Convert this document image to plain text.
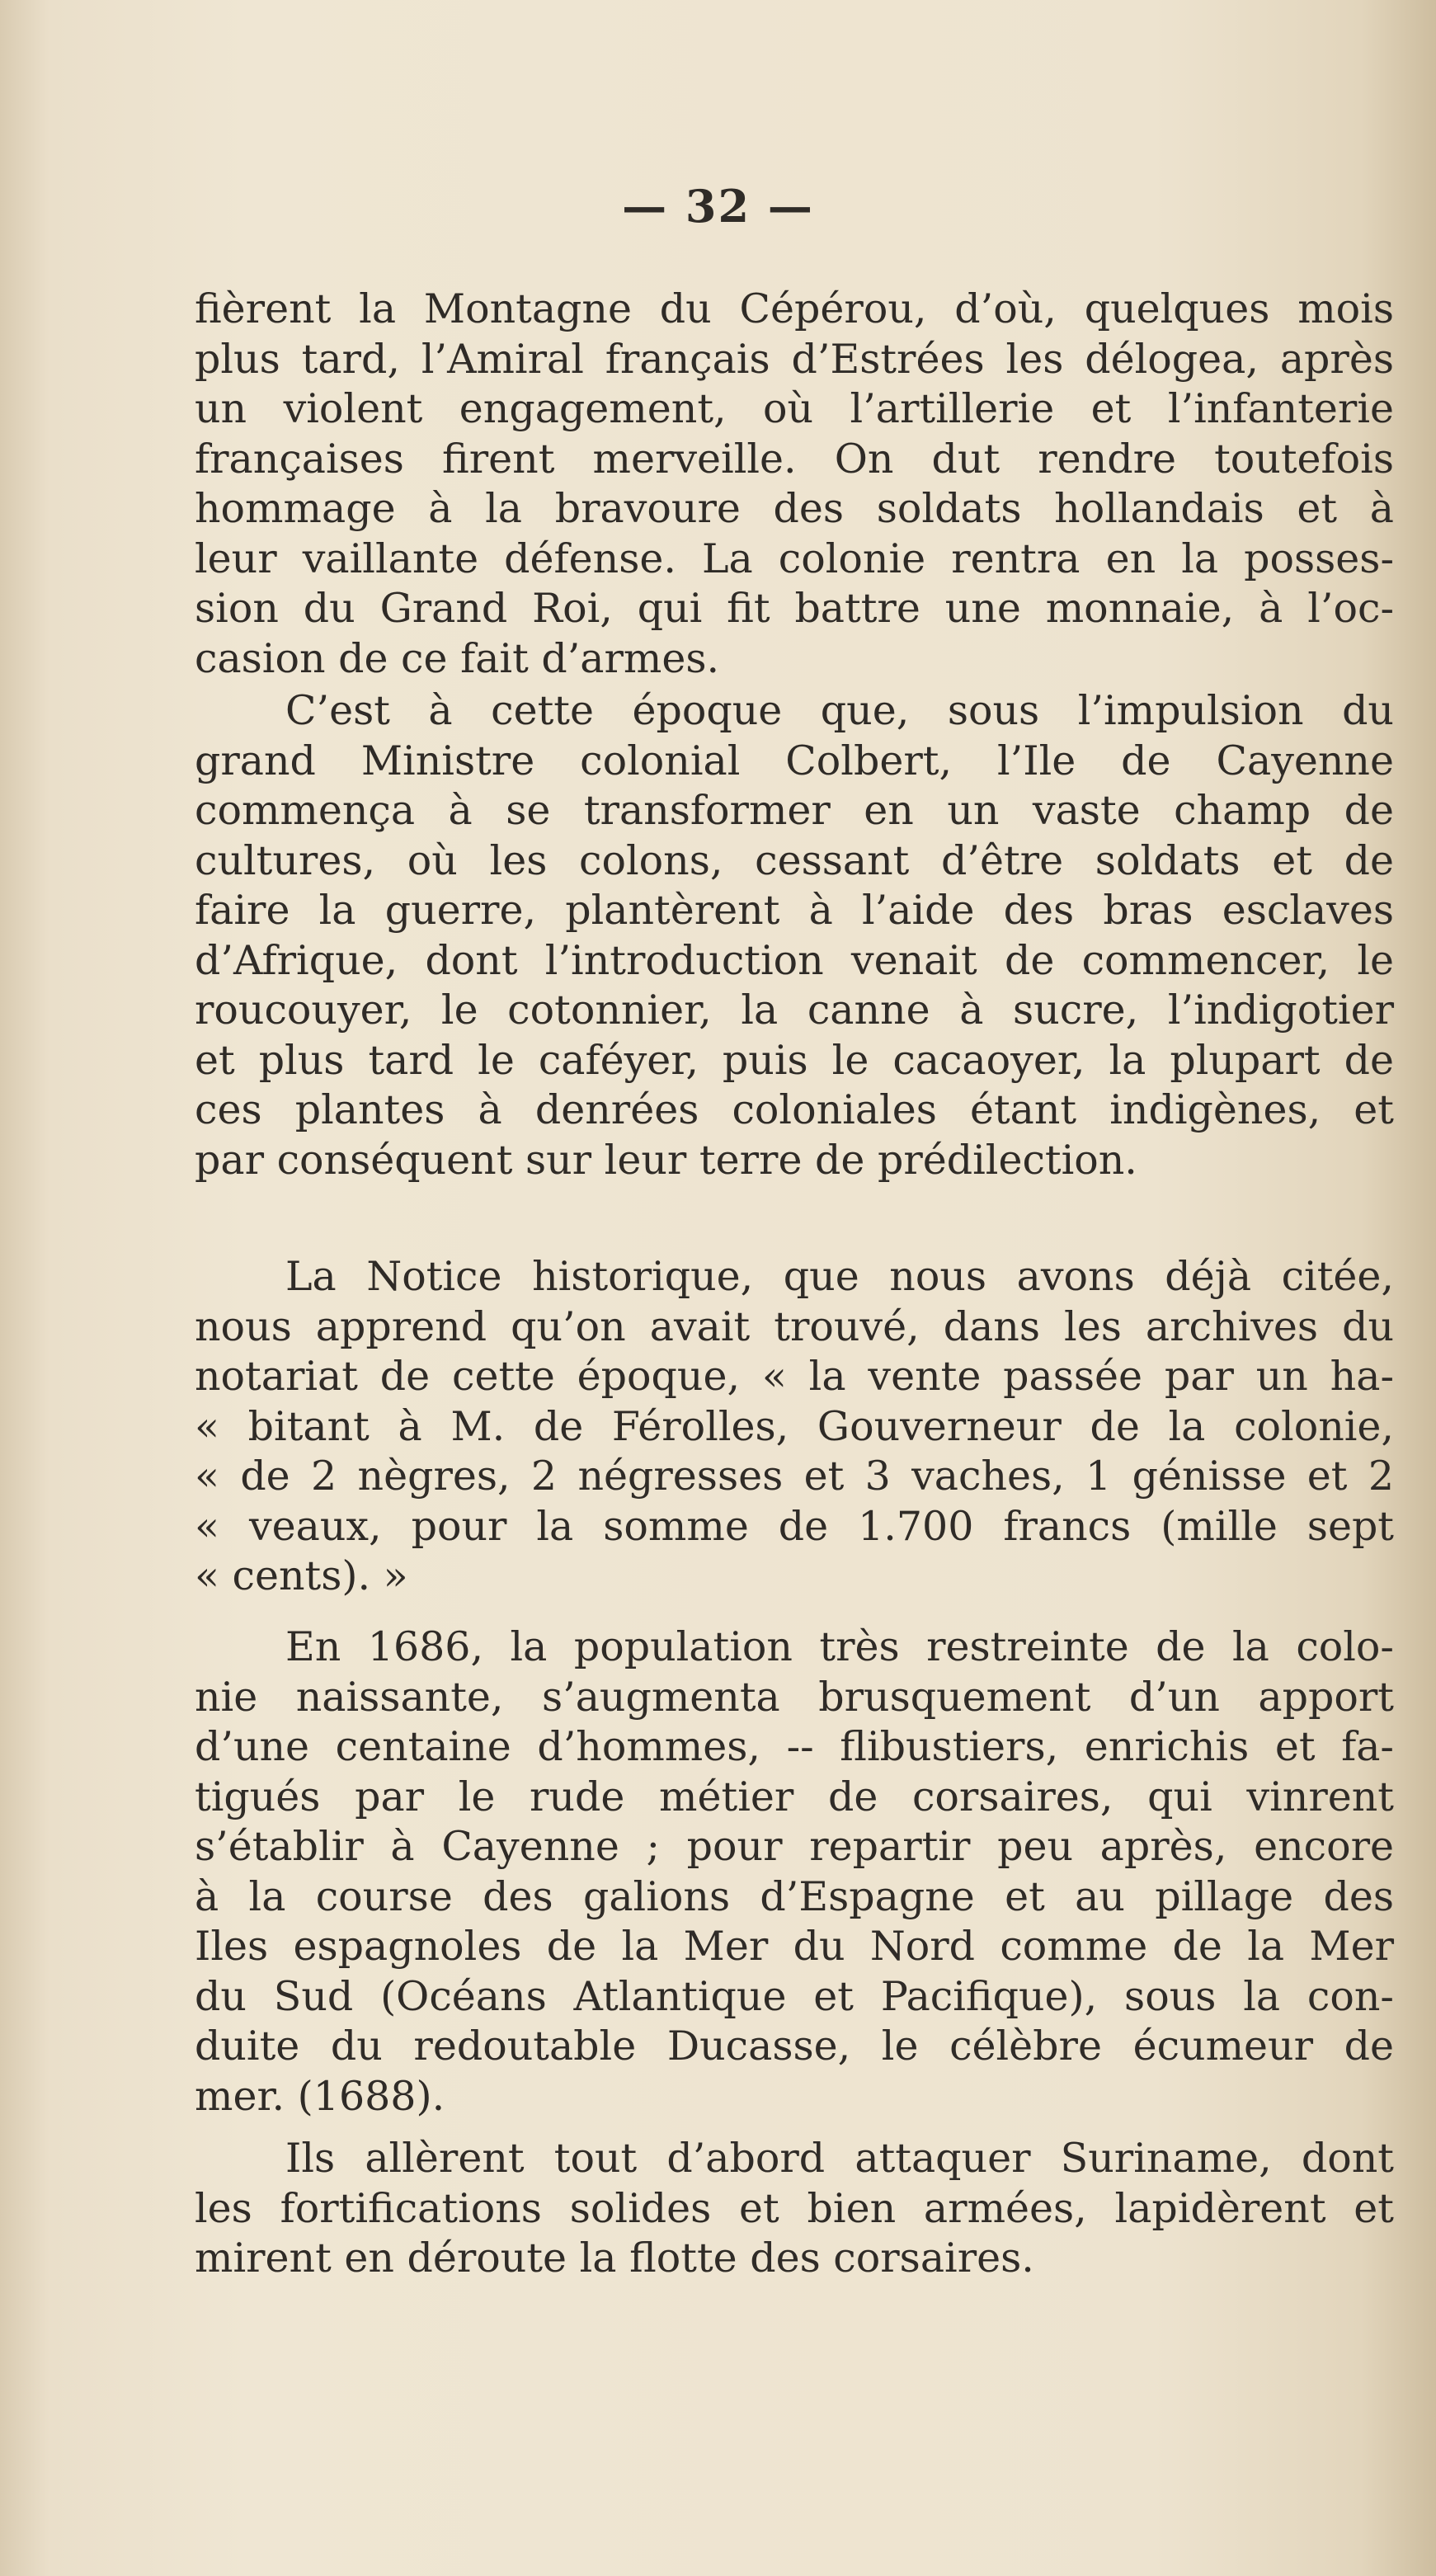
— 32 —
fièrent la Montagne du Cépérou, d’où, quelques mois
plus tard, l’Amiral français d’Estrées les délogea, après
un violent engagement, où l’artillerie et l’infanterie
françaises firent merveille. On dut rendre toutefois
hommage à la bravoure des soldats hollandais et à
leur vaillante défense. La colonie rentra en la posses-
sion du Grand Roi, qui fit battre une monnaie, à l’oc-
casion de ce fait d’armes.
C’est à cette époque que, sous l’impulsion du
grand Ministre colonial Colbert, l’Ile de Cayenne
commença à se transformer en un vaste champ de
cultures, où les colons, cessant d’être soldats et de
faire la guerre, plantèrent à l’aide des bras esclaves
d’Afrique, dont l’introduction venait de commencer, le
roucouyer, le cotonnier, la canne à sucre, l’indigotier
et plus tard le caféyer, puis le cacaoyer, la plupart de
ces plantes à denrées coloniales étant indigènes, et
par conséquent sur leur terre de prédilection.
La Notice historique, que nous avons déjà citée,
nous apprend qu’on avait trouvé, dans les archives du
notariat de cette époque, « la vente passée par un ha-
« bitant à M. de Férolles, Gouverneur de la colonie,
« de 2 nègres, 2 négresses et 3 vaches, 1 génisse et 2
« veaux, pour la somme de 1.700 francs (mille sept
« cents). »
En 1686, la population très restreinte de la colo-
nie naissante, s’augmenta brusquement d’un apport
d’une centaine d’hommes, -- flibustiers, enrichis et fa-
tigués par le rude métier de corsaires, qui vinrent
s’établir à Cayenne ; pour repartir peu après, encore
à la course des galions d’Espagne et au pillage des
Iles espagnoles de la Mer du Nord comme de la Mer
du Sud (Océans Atlantique et Pacifique), sous la con-
duite du redoutable Ducasse, le célèbre écumeur de
mer. (1688).
Ils allèrent tout d’abord attaquer Suriname, dont
les fortifications solides et bien armées, lapidèrent et
mirent en déroute la flotte des corsaires.
